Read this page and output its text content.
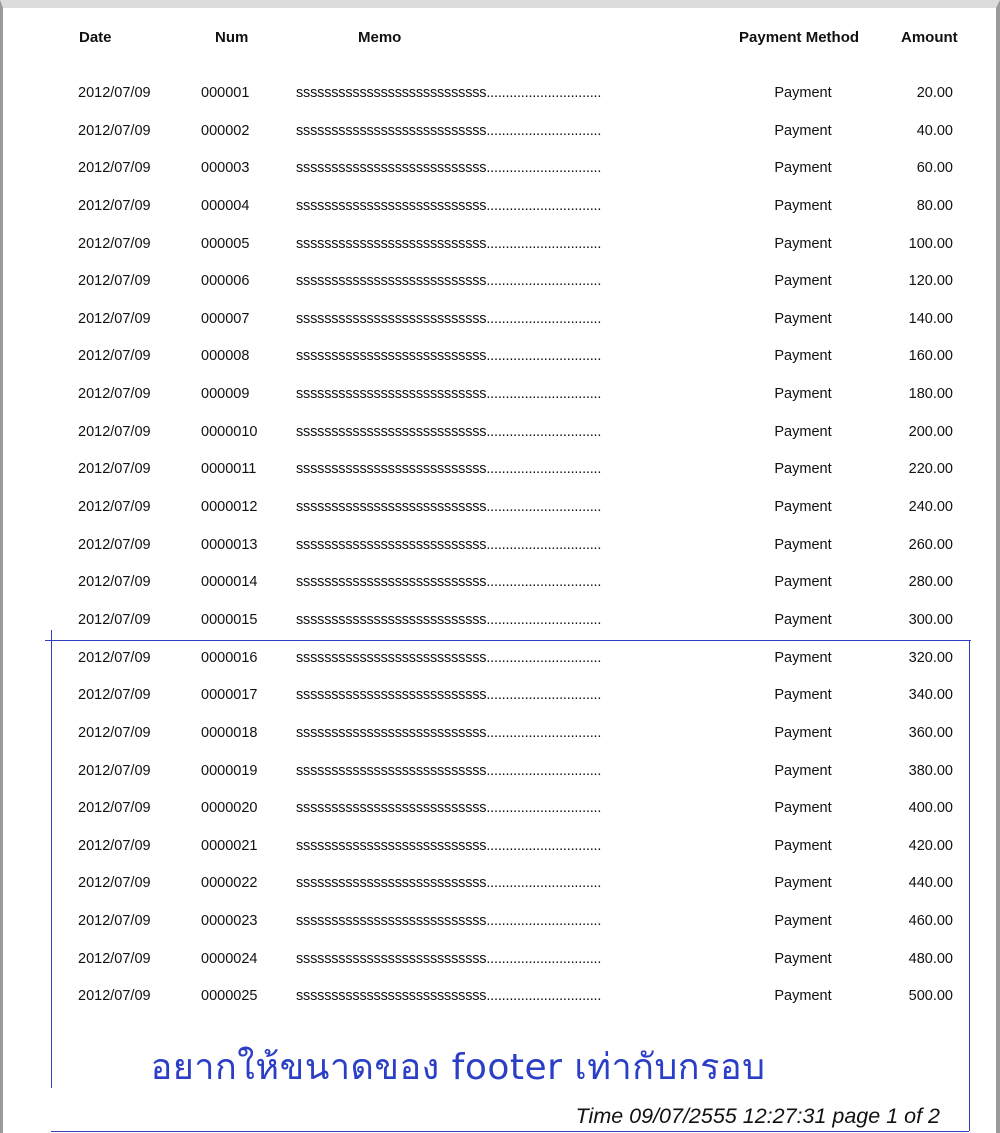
Date	Num	Memo	Payment Method	Amount
2012/07/09	000001	sssssssssssssssssssssssssss..............................	Payment	20.00
2012/07/09	000002	sssssssssssssssssssssssssss..............................	Payment	40.00
2012/07/09	000003	sssssssssssssssssssssssssss..............................	Payment	60.00
2012/07/09	000004	sssssssssssssssssssssssssss..............................	Payment	80.00
2012/07/09	000005	sssssssssssssssssssssssssss..............................	Payment	100.00
2012/07/09	000006	sssssssssssssssssssssssssss..............................	Payment	120.00
2012/07/09	000007	sssssssssssssssssssssssssss..............................	Payment	140.00
2012/07/09	000008	sssssssssssssssssssssssssss..............................	Payment	160.00
2012/07/09	000009	sssssssssssssssssssssssssss..............................	Payment	180.00
2012/07/09	0000010	sssssssssssssssssssssssssss..............................	Payment	200.00
2012/07/09	0000011	sssssssssssssssssssssssssss..............................	Payment	220.00
2012/07/09	0000012	sssssssssssssssssssssssssss..............................	Payment	240.00
2012/07/09	0000013	sssssssssssssssssssssssssss..............................	Payment	260.00
2012/07/09	0000014	sssssssssssssssssssssssssss..............................	Payment	280.00
2012/07/09	0000015	sssssssssssssssssssssssssss..............................	Payment	300.00
2012/07/09	0000016	sssssssssssssssssssssssssss..............................	Payment	320.00
2012/07/09	0000017	sssssssssssssssssssssssssss..............................	Payment	340.00
2012/07/09	0000018	sssssssssssssssssssssssssss..............................	Payment	360.00
2012/07/09	0000019	sssssssssssssssssssssssssss..............................	Payment	380.00
2012/07/09	0000020	sssssssssssssssssssssssssss..............................	Payment	400.00
2012/07/09	0000021	sssssssssssssssssssssssssss..............................	Payment	420.00
2012/07/09	0000022	sssssssssssssssssssssssssss..............................	Payment	440.00
2012/07/09	0000023	sssssssssssssssssssssssssss..............................	Payment	460.00
2012/07/09	0000024	sssssssssssssssssssssssssss..............................	Payment	480.00
2012/07/09	0000025	sssssssssssssssssssssssssss..............................	Payment	500.00
อยากให้ขนาดของ footer เท่ากับกรอบ
Time 09/07/2555 12:27:31 page 1 of 2
